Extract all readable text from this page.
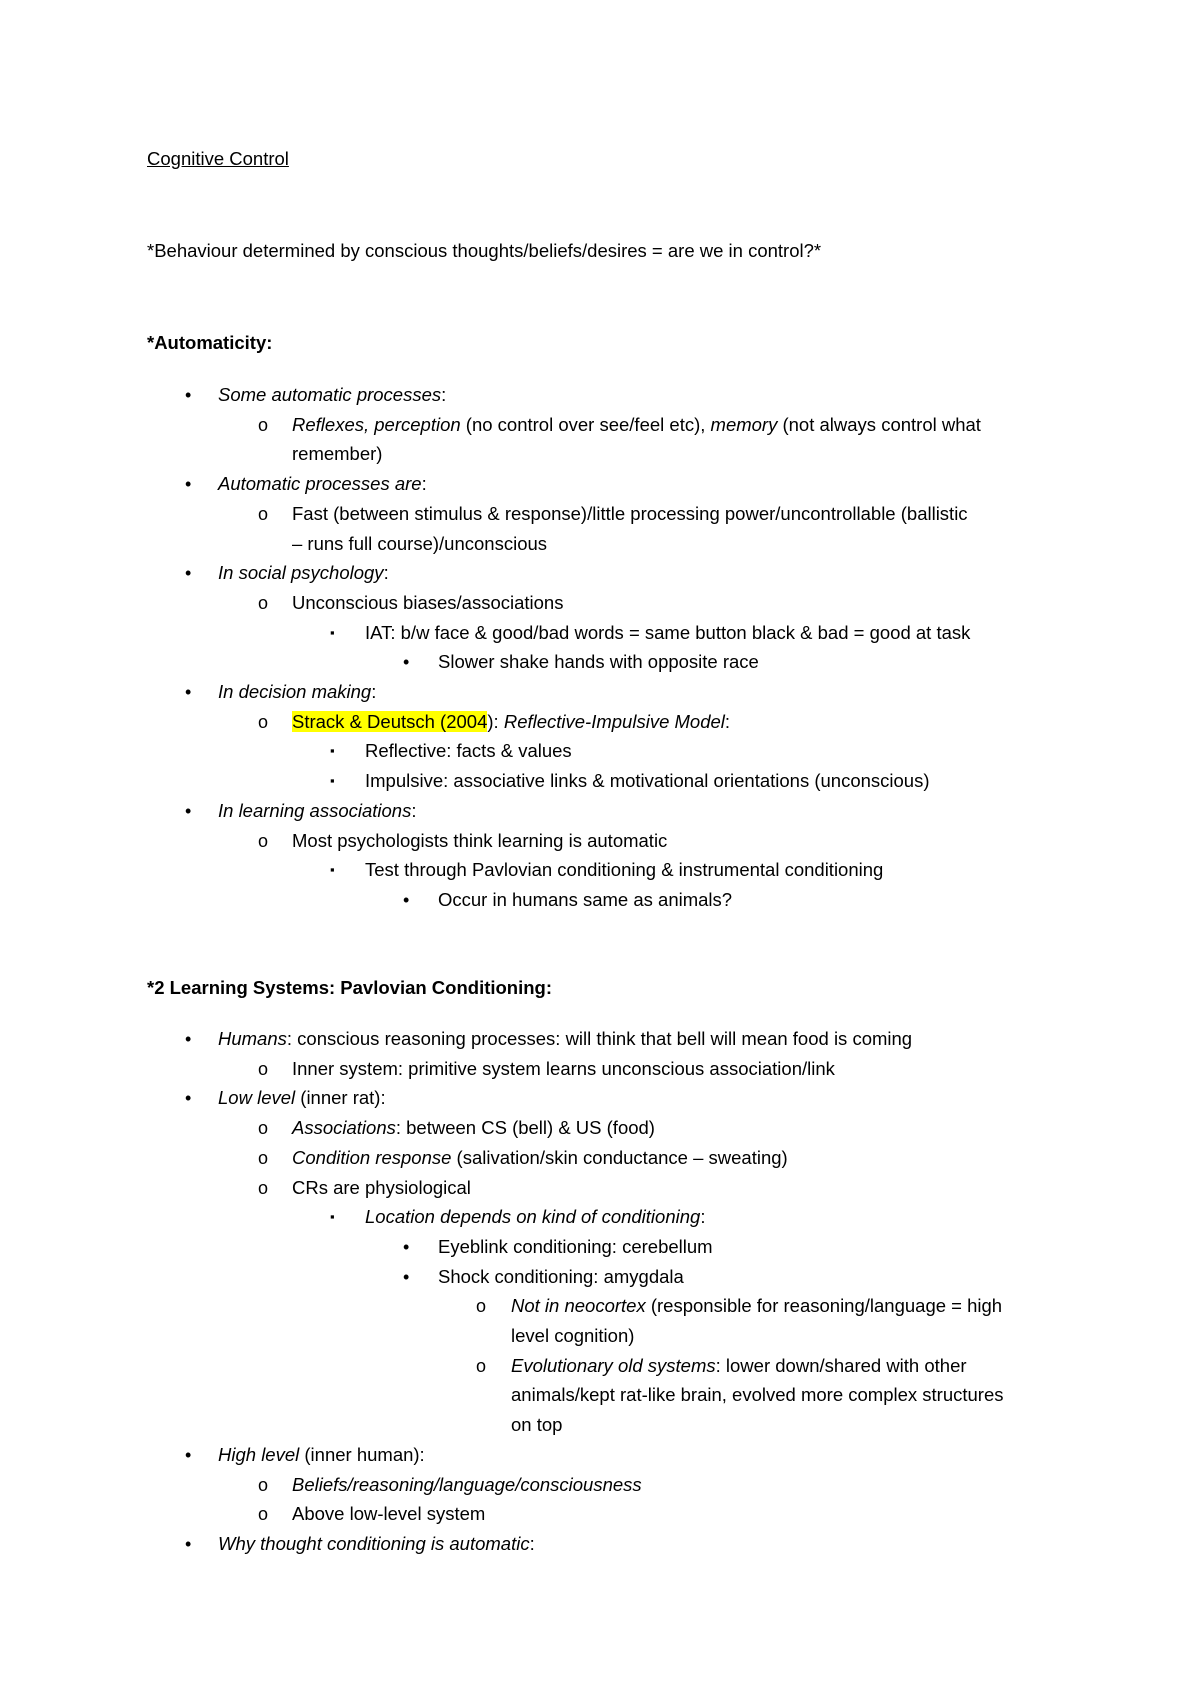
Cognitive Control
*Behaviour determined by conscious thoughts/beliefs/desires = are we in control?*
*Automaticity:
*2 Learning Systems: Pavlovian Conditioning:
• Some automatic processes:
o Reflexes, perception (no control over see/feel etc), memory (not always control what
remember)
• Automatic processes are:
o Fast (between stimulus & response)/little processing power/uncontrollable (ballistic
– runs full course)/unconscious
• In social psychology:
o Unconscious biases/associations
▪ IAT: b/w face & good/bad words = same button black & bad = good at task
• Slower shake hands with opposite race
• In decision making:
o Strack & Deutsch (2004): Reflective-Impulsive Model:
▪ Reflective: facts & values
▪ Impulsive: associative links & motivational orientations (unconscious)
• In learning associations:
o Most psychologists think learning is automatic
▪ Test through Pavlovian conditioning & instrumental conditioning
• Occur in humans same as animals?
• Humans: conscious reasoning processes: will think that bell will mean food is coming
o Inner system: primitive system learns unconscious association/link
• Low level (inner rat):
o Associations: between CS (bell) & US (food)
o Condition response (salivation/skin conductance – sweating)
o CRs are physiological
▪ Location depends on kind of conditioning:
• Eyeblink conditioning: cerebellum
• Shock conditioning: amygdala
o Not in neocortex (responsible for reasoning/language = high
level cognition)
o Evolutionary old systems: lower down/shared with other
animals/kept rat-like brain, evolved more complex structures
on top
• High level (inner human):
o Beliefs/reasoning/language/consciousness
o Above low-level system
• Why thought conditioning is automatic:
